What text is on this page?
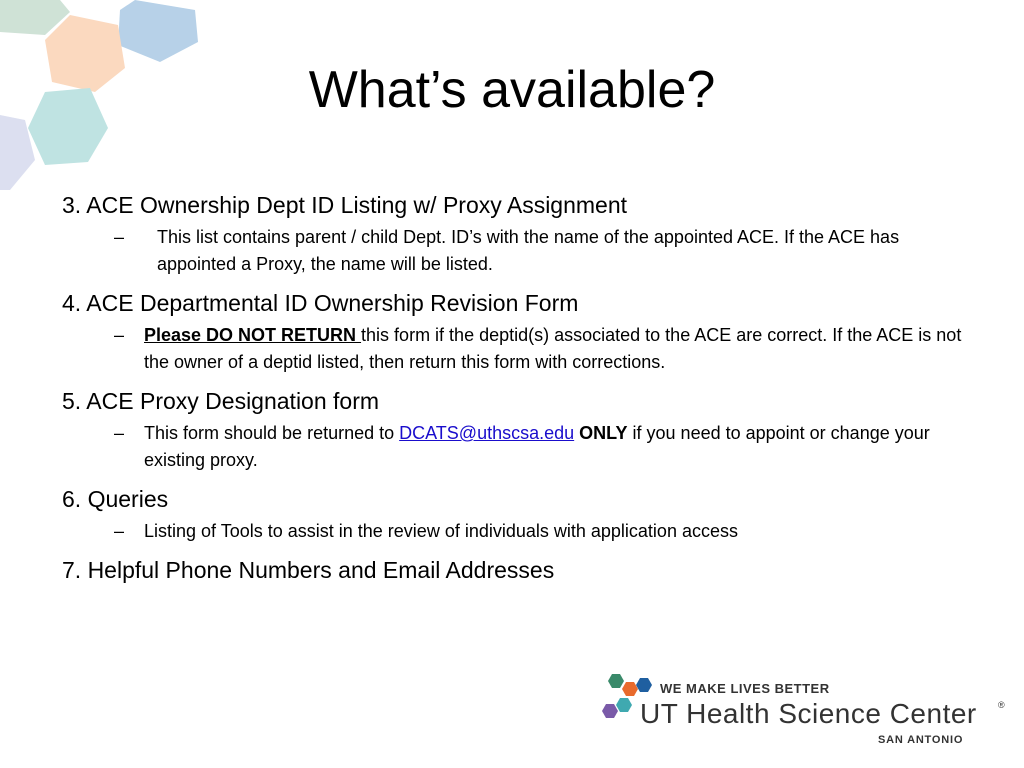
What’s available?
3. ACE Ownership Dept ID Listing w/ Proxy Assignment
–	This list contains parent / child Dept. ID’s with the name of the appointed ACE. If the ACE has appointed a Proxy, the name will be listed.
4. ACE Departmental ID Ownership Revision Form
–	Please DO NOT RETURN this form if the deptid(s) associated to the ACE are correct. If the ACE is not the owner of a deptid listed, then return this form with corrections.
5. ACE Proxy Designation form
–	This form should be returned to DCATS@uthscsa.edu ONLY if you need to appoint or change your existing proxy.
6. Queries
–	Listing of Tools to assist in the review of individuals with application access
7. Helpful Phone Numbers and Email Addresses
WE MAKE LIVES BETTER
UT Health Science Center ®
SAN ANTONIO
